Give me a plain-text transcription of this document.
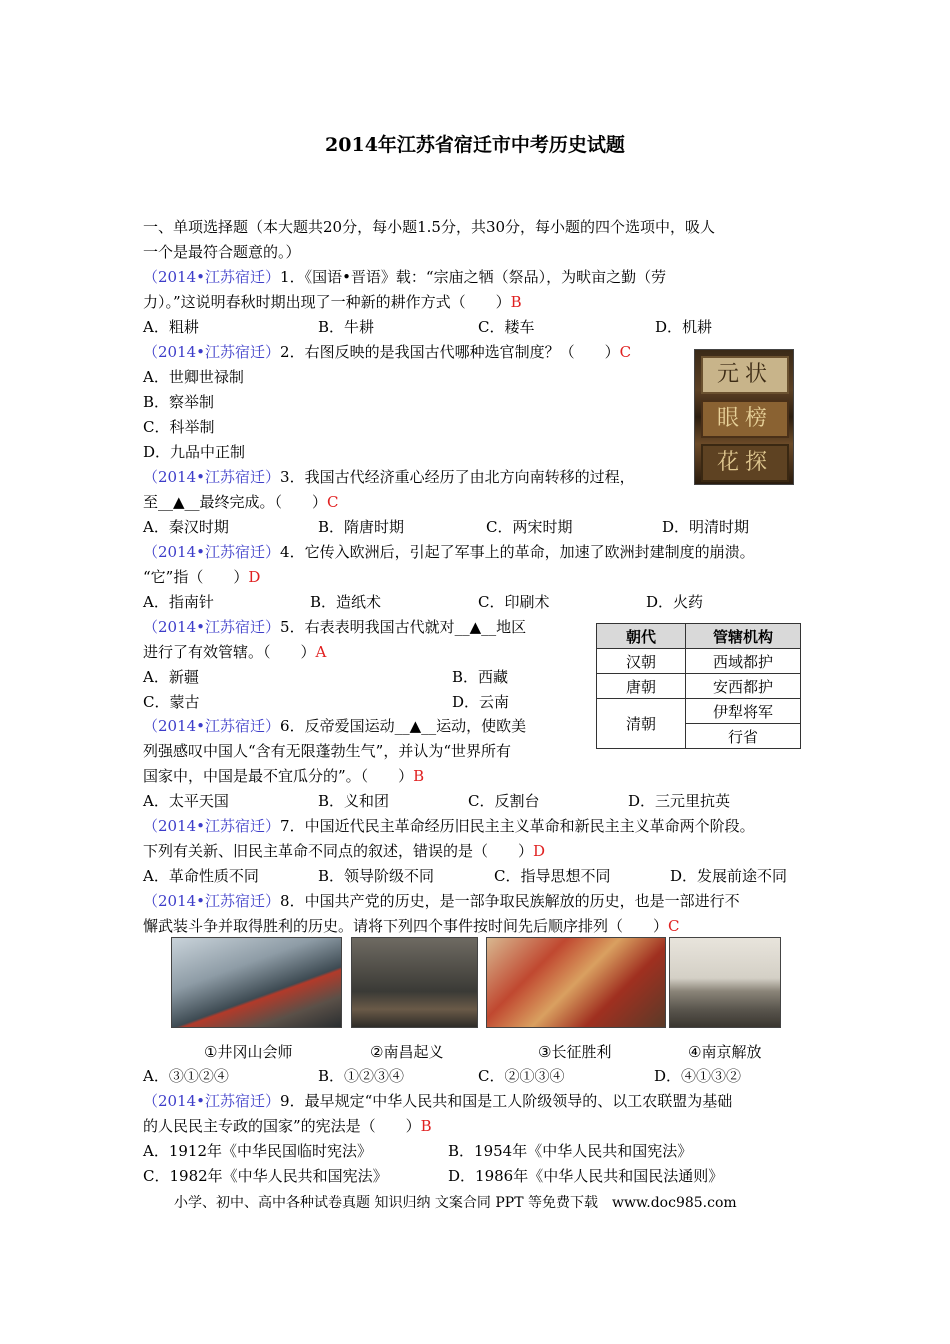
2014年江苏省宿迁市中考历史试题
一、单项选择题（本大题共20分，每小题1.5分，共30分，每小题的四个选项中，吸人
一个是最符合题意的。）
（2014•江苏宿迁）1．《国语•晋语》载：“宗庙之牺（祭品），为畎亩之勤（劳
力）。”这说明春秋时期出现了一种新的耕作方式（　　）B
A．粗耕	B．牛耕	C．耧车	D．机耕
（2014•江苏宿迁）2．右图反映的是我国古代哪种选官制度？（　　）C
A．世卿世禄制
B．察举制
C．科举制
D．九品中正制
元状
眼榜
花探
（2014•江苏宿迁）3．我国古代经济重心经历了由北方向南转移的过程，
至__▲__最终完成。（　　）C
A．秦汉时期	B．隋唐时期	C．两宋时期	D．明清时期
（2014•江苏宿迁）4．它传入欧洲后，引起了军事上的革命，加速了欧洲封建制度的崩溃。
“它”指（　　）D
A．指南针	B．造纸术	C．印刷术	D．火药
（2014•江苏宿迁）5．右表表明我国古代就对__▲__地区
进行了有效管辖。（　　）A
A．新疆	B．西藏
C．蒙古	D．云南
朝代	管辖机构
汉朝	西域都护
唐朝	安西都护
清朝	伊犁将军
	行省
（2014•江苏宿迁）6．反帝爱国运动__▲__运动，使欧美
列强感叹中国人“含有无限蓬勃生气”，并认为“世界所有
国家中，中国是最不宜瓜分的”。（　　）B
A．太平天国	B．义和团	C．反割台	D．三元里抗英
（2014•江苏宿迁）7．中国近代民主革命经历旧民主主义革命和新民主主义革命两个阶段。
下列有关新、旧民主革命不同点的叙述，错误的是（　　）D
A．革命性质不同	B．领导阶级不同	C．指导思想不同	D．发展前途不同
（2014•江苏宿迁）8．中国共产党的历史，是一部争取民族解放的历史，也是一部进行不
懈武装斗争并取得胜利的历史。请将下列四个事件按时间先后顺序排列（　　）C
①井冈山会师	②南昌起义	③长征胜利	④南京解放
A．③①②④	B．①②③④	C．②①③④	D．④①③②
（2014•江苏宿迁）9．最早规定“中华人民共和国是工人阶级领导的、以工农联盟为基础
的人民民主专政的国家”的宪法是（　　）B
A．1912年《中华民国临时宪法》	B．1954年《中华人民共和国宪法》
C．1982年《中华人民共和国宪法》	D．1986年《中华人民共和国民法通则》
小学、初中、高中各种试卷真题 知识归纳 文案合同 PPT 等免费下载　www.doc985.com
